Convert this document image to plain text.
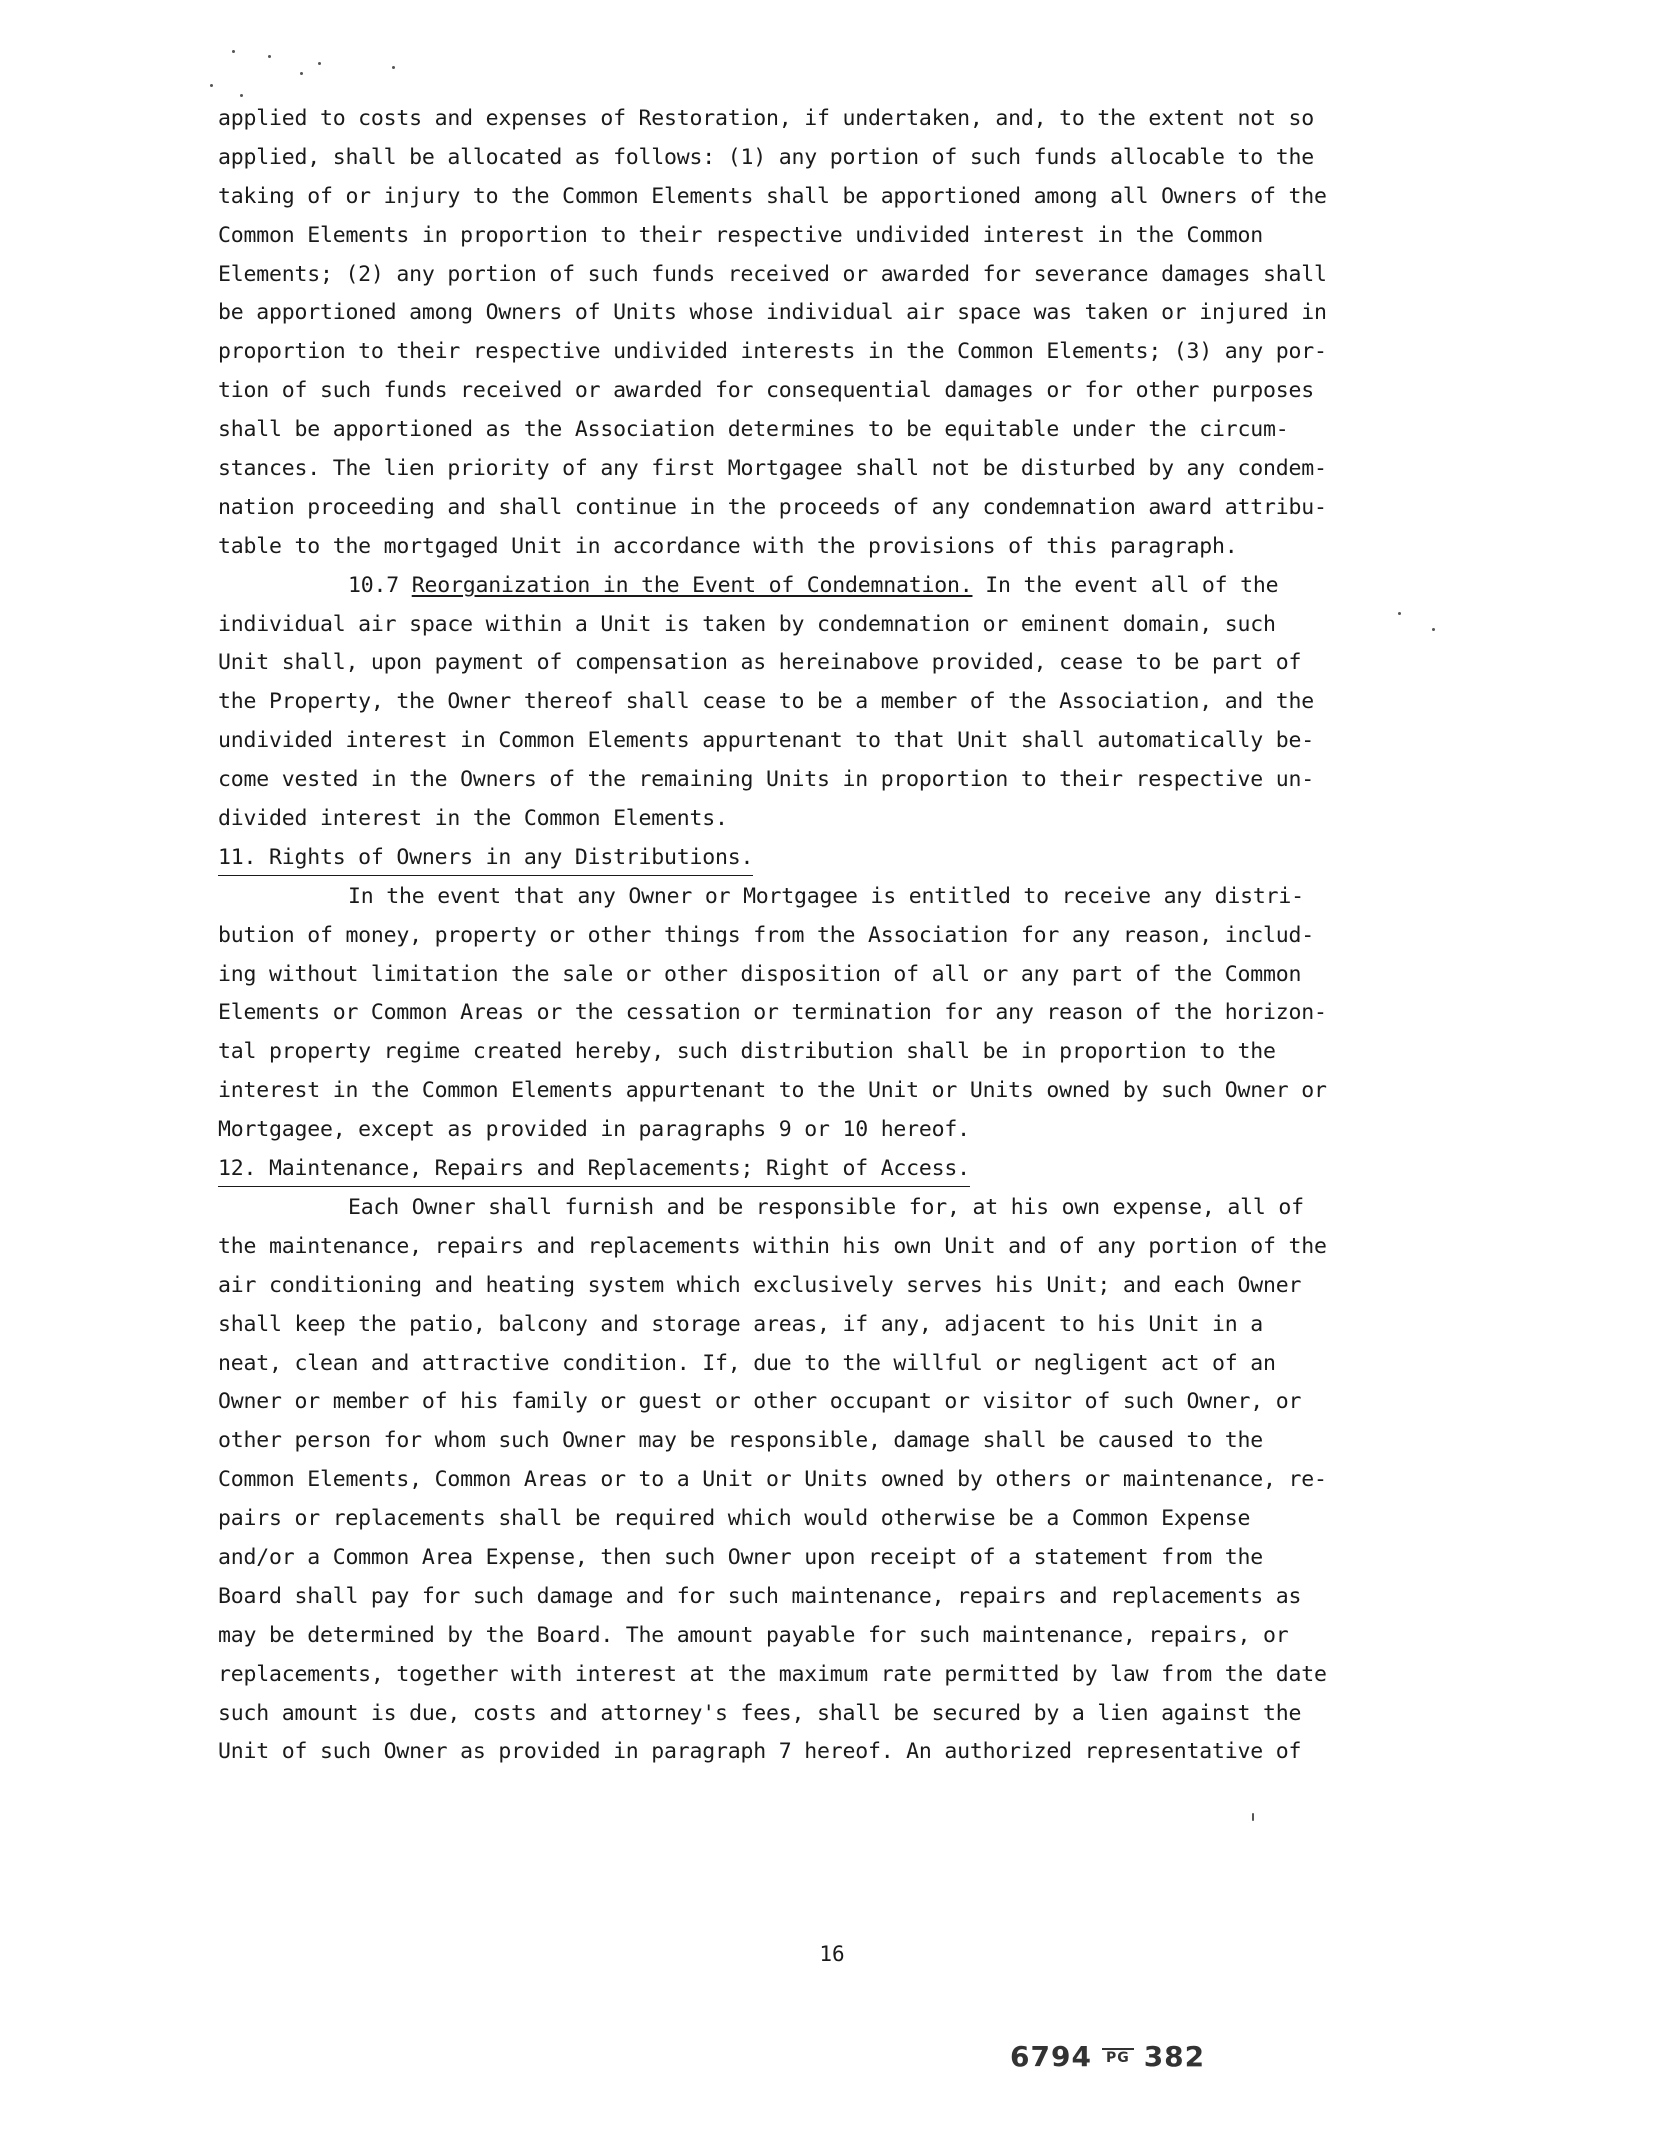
applied to costs and expenses of Restoration, if undertaken, and, to the extent not so
applied, shall be allocated as follows: (1) any portion of such funds allocable to the
taking of or injury to the Common Elements shall be apportioned among all Owners of the
Common Elements in proportion to their respective undivided interest in the Common
Elements; (2) any portion of such funds received or awarded for severance damages shall
be apportioned among Owners of Units whose individual air space was taken or injured in
proportion to their respective undivided interests in the Common Elements; (3) any por-
tion of such funds received or awarded for consequential damages or for other purposes
shall be apportioned as the Association determines to be equitable under the circum-
stances. The lien priority of any first Mortgagee shall not be disturbed by any condem-
nation proceeding and shall continue in the proceeds of any condemnation award attribu-
table to the mortgaged Unit in accordance with the provisions of this paragraph.
10.7 Reorganization in the Event of Condemnation. In the event all of the
individual air space within a Unit is taken by condemnation or eminent domain, such
Unit shall, upon payment of compensation as hereinabove provided, cease to be part of
the Property, the Owner thereof shall cease to be a member of the Association, and the
undivided interest in Common Elements appurtenant to that Unit shall automatically be-
come vested in the Owners of the remaining Units in proportion to their respective un-
divided interest in the Common Elements.
11. Rights of Owners in any Distributions.
In the event that any Owner or Mortgagee is entitled to receive any distri-
bution of money, property or other things from the Association for any reason, includ-
ing without limitation the sale or other disposition of all or any part of the Common
Elements or Common Areas or the cessation or termination for any reason of the horizon-
tal property regime created hereby, such distribution shall be in proportion to the
interest in the Common Elements appurtenant to the Unit or Units owned by such Owner or
Mortgagee, except as provided in paragraphs 9 or 10 hereof.
12. Maintenance, Repairs and Replacements; Right of Access.
Each Owner shall furnish and be responsible for, at his own expense, all of
the maintenance, repairs and replacements within his own Unit and of any portion of the
air conditioning and heating system which exclusively serves his Unit; and each Owner
shall keep the patio, balcony and storage areas, if any, adjacent to his Unit in a
neat, clean and attractive condition. If, due to the willful or negligent act of an
Owner or member of his family or guest or other occupant or visitor of such Owner, or
other person for whom such Owner may be responsible, damage shall be caused to the
Common Elements, Common Areas or to a Unit or Units owned by others or maintenance, re-
pairs or replacements shall be required which would otherwise be a Common Expense
and/or a Common Area Expense, then such Owner upon receipt of a statement from the
Board shall pay for such damage and for such maintenance, repairs and replacements as
may be determined by the Board. The amount payable for such maintenance, repairs, or
replacements, together with interest at the maximum rate permitted by law from the date
such amount is due, costs and attorney's fees, shall be secured by a lien against the
Unit of such Owner as provided in paragraph 7 hereof. An authorized representative of
16
6794 PG 382
